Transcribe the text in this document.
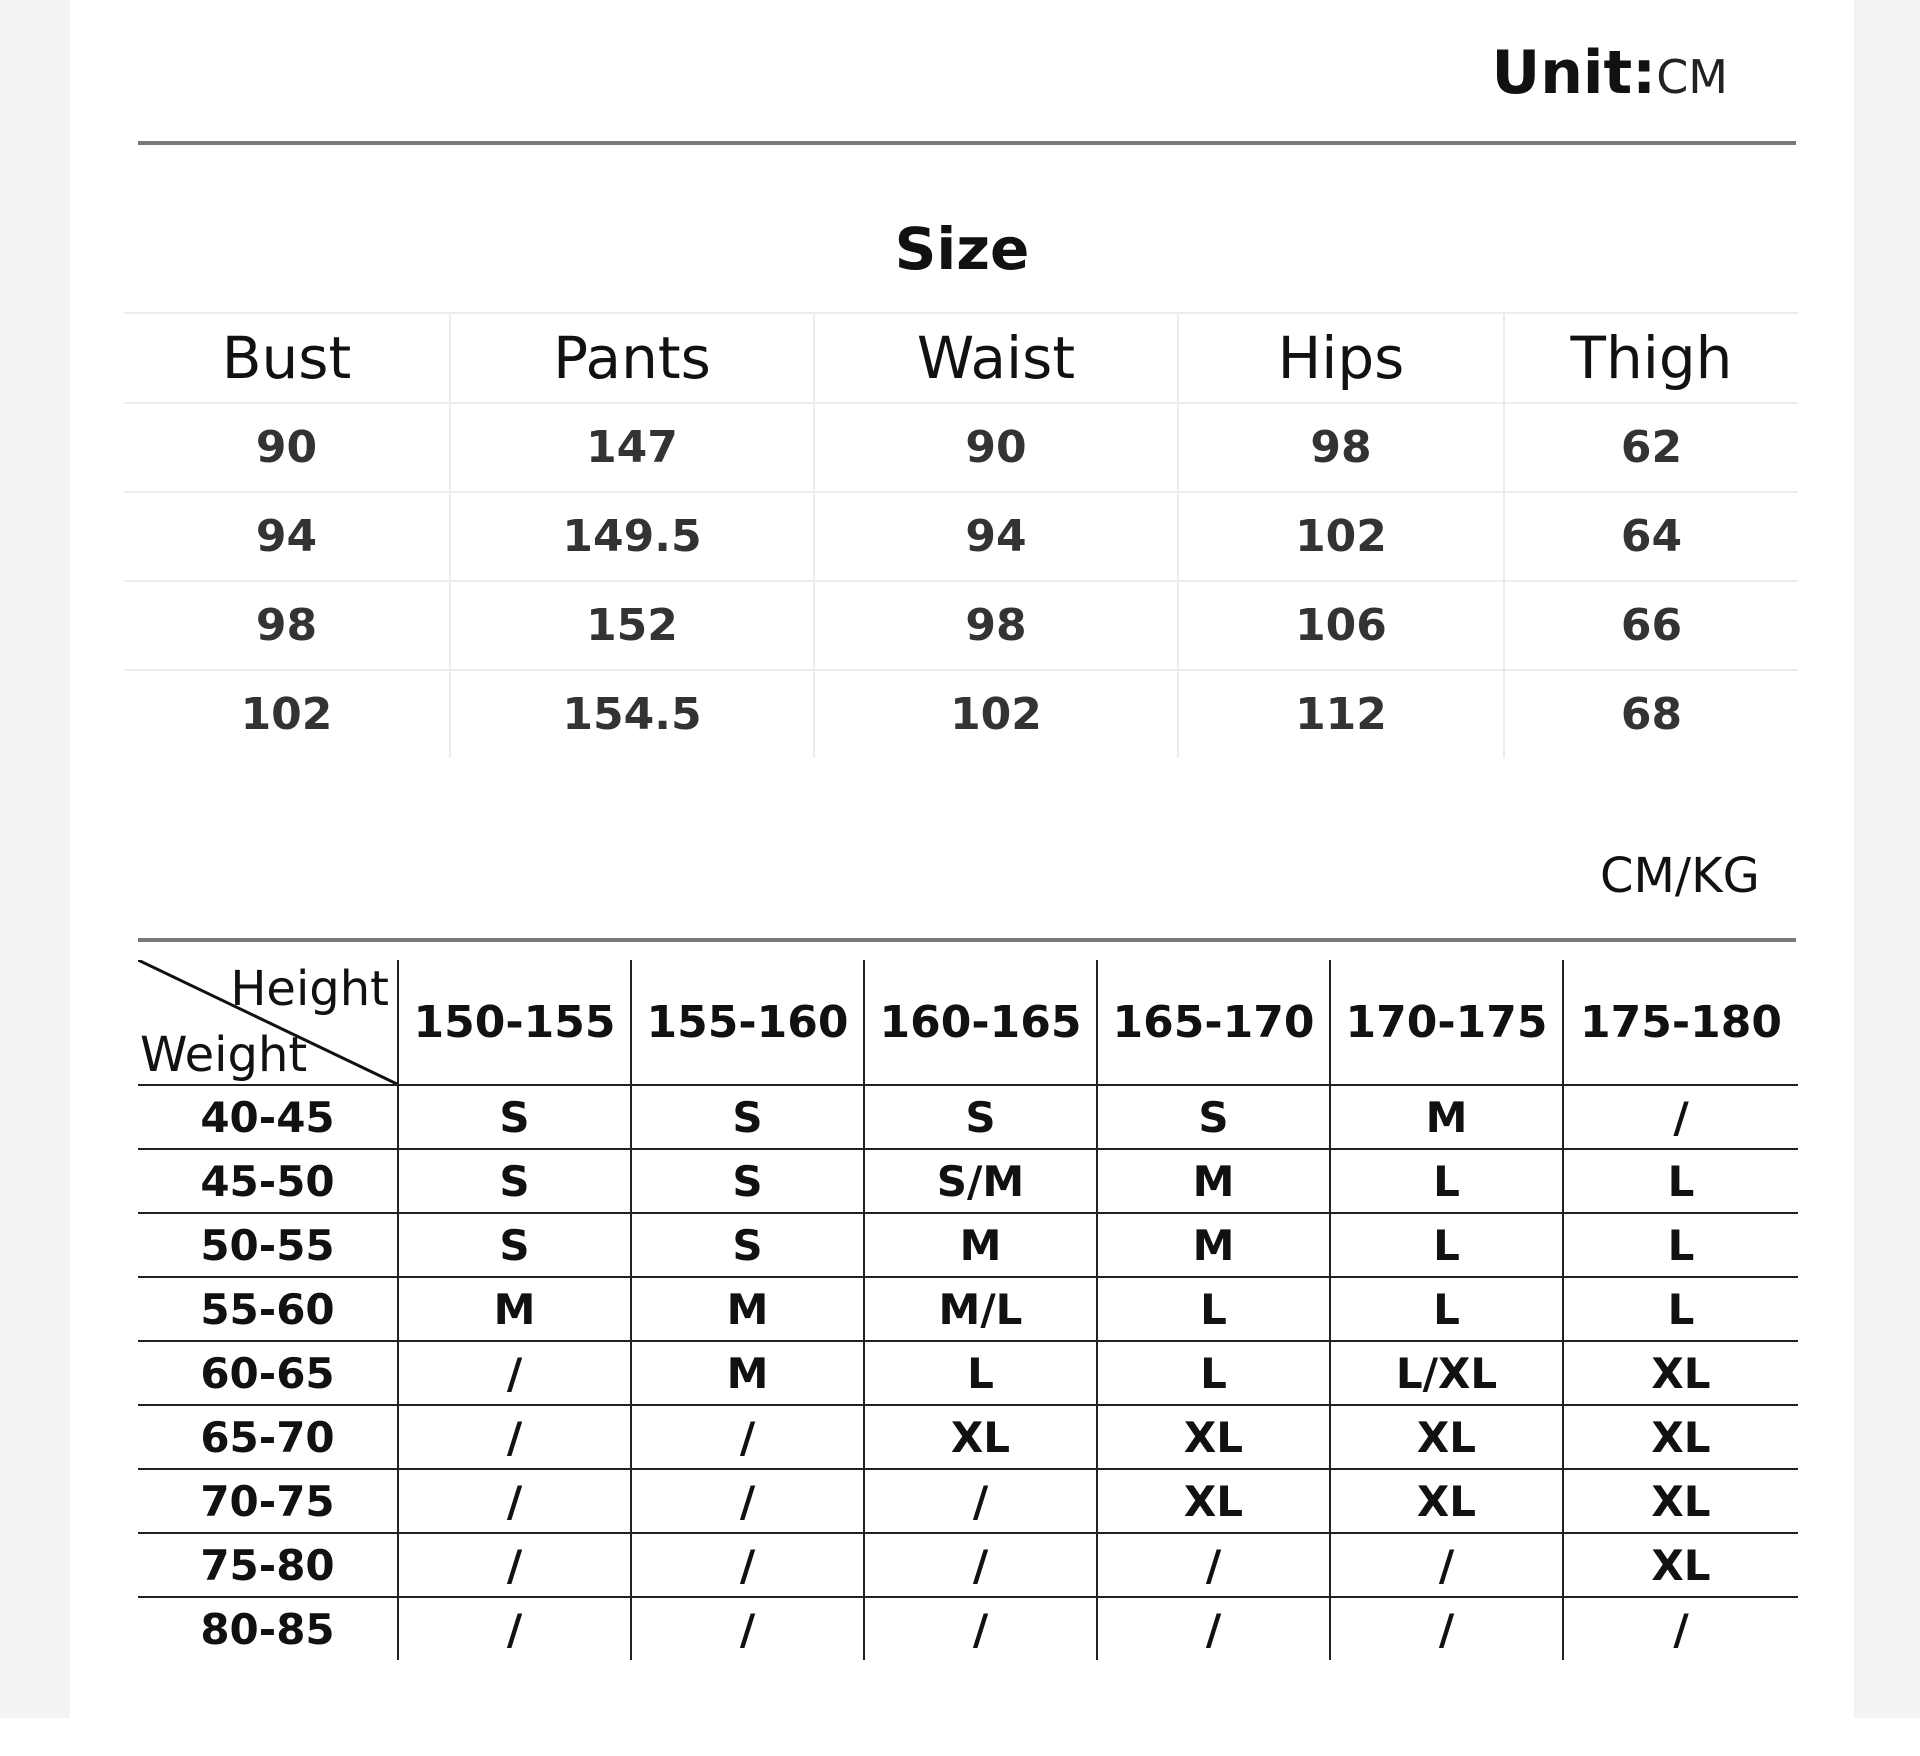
Unit:CM
Size
Bust	Pants	Waist	Hips	Thigh
90	147	90	98	62
94	149.5	94	102	64
98	152	98	106	66
102	154.5	102	112	68
CM/KG
Height
Weight	150-155	155-160	160-165	165-170	170-175	175-180
40-45	S	S	S	S	M	/
45-50	S	S	S/M	M	L	L
50-55	S	S	M	M	L	L
55-60	M	M	M/L	L	L	L
60-65	/	M	L	L	L/XL	XL
65-70	/	/	XL	XL	XL	XL
70-75	/	/	/	XL	XL	XL
75-80	/	/	/	/	/	XL
80-85	/	/	/	/	/	/
